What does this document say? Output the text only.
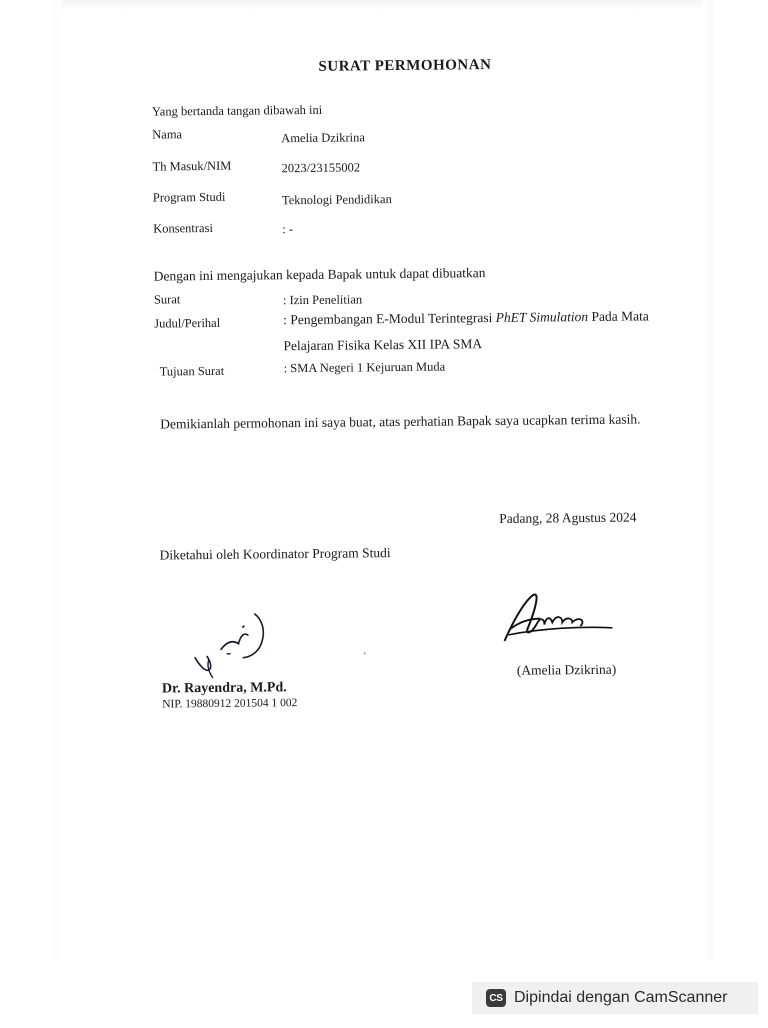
SURAT PERMOHONAN
Yang bertanda tangan dibawah ini
Nama	Amelia Dzikrina
Th Masuk/NIM	2023/23155002
Program Studi	Teknologi Pendidikan
Konsentrasi	: -
Dengan ini mengajukan kepada Bapak untuk dapat dibuatkan
Surat	: Izin Penelitian
Judul/Perihal	: Pengembangan E-Modul Terintegrasi PhET Simulation Pada Mata
Pelajaran Fisika Kelas XII IPA SMA
Tujuan Surat	: SMA Negeri 1 Kejuruan Muda
Demikianlah permohonan ini saya buat, atas perhatian Bapak saya ucapkan terima kasih.
Padang, 28 Agustus 2024
Diketahui oleh Koordinator Program Studi
Dr. Rayendra, M.Pd.
NIP. 19880912 201504 1 002
(Amelia Dzikrina)
CS Dipindai dengan CamScanner
